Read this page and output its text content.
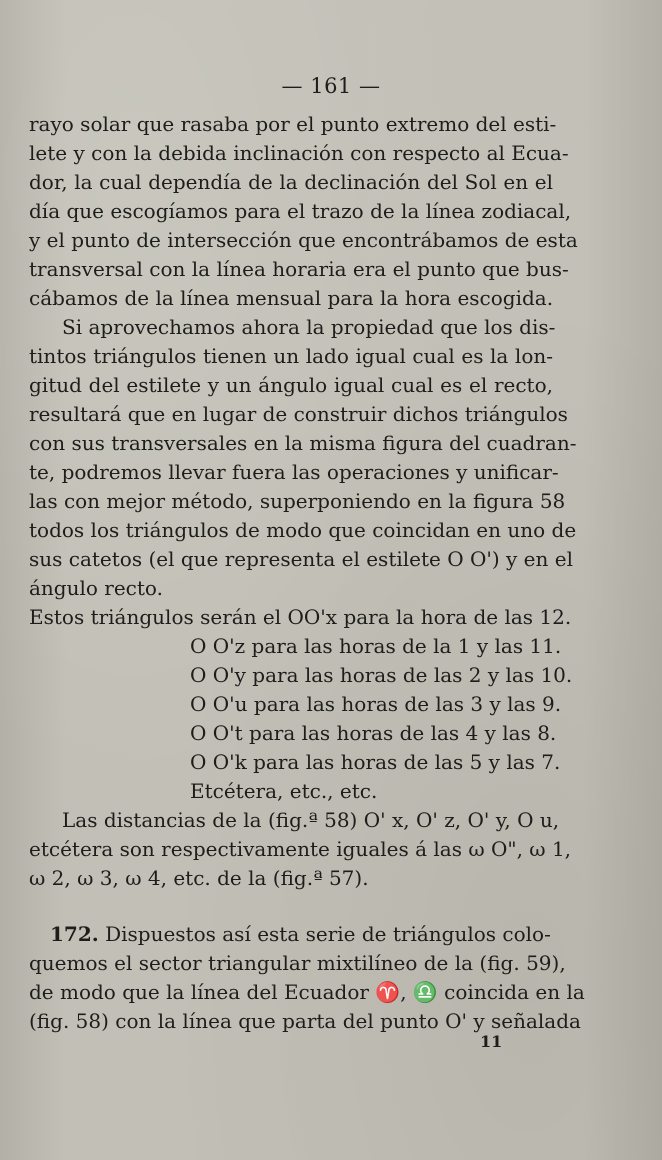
— 161 —
rayo solar que rasaba por el punto extremo del esti-
lete y con la debida inclinación con respecto al Ecua-
dor, la cual dependía de la declinación del Sol en el
día que escogíamos para el trazo de la línea zodiacal,
y el punto de intersección que encontrábamos de esta
transversal con la línea horaria era el punto que bus-
cábamos de la línea mensual para la hora escogida.
Si aprovechamos ahora la propiedad que los dis-
tintos triángulos tienen un lado igual cual es la lon-
gitud del estilete y un ángulo igual cual es el recto,
resultará que en lugar de construir dichos triángulos
con sus transversales en la misma figura del cuadran-
te, podremos llevar fuera las operaciones y unificar-
las con mejor método, superponiendo en la figura 58
todos los triángulos de modo que coincidan en uno de
sus catetos (el que representa el estilete O O') y en el
ángulo recto.
Estos triángulos serán el OO'x para la hora de las 12.
O O'z para las horas de la 1 y las 11.
O O'y para las horas de las 2 y las 10.
O O'u para las horas de las 3 y las 9.
O O't para las horas de las 4 y las 8.
O O'k para las horas de las 5 y las 7.
Etcétera, etc., etc.
Las distancias de la (fig.ª 58) O' x, O' z, O' y, O u,
etcétera son respectivamente iguales á las ω O", ω 1,
ω 2, ω 3, ω 4, etc. de la (fig.ª 57).
172. Dispuestos así esta serie de triángulos colo-
quemos el sector triangular mixtilíneo de la (fig. 59),
de modo que la línea del Ecuador ♈, ♎ coincida en la
(fig. 58) con la línea que parta del punto O' y señalada
11
